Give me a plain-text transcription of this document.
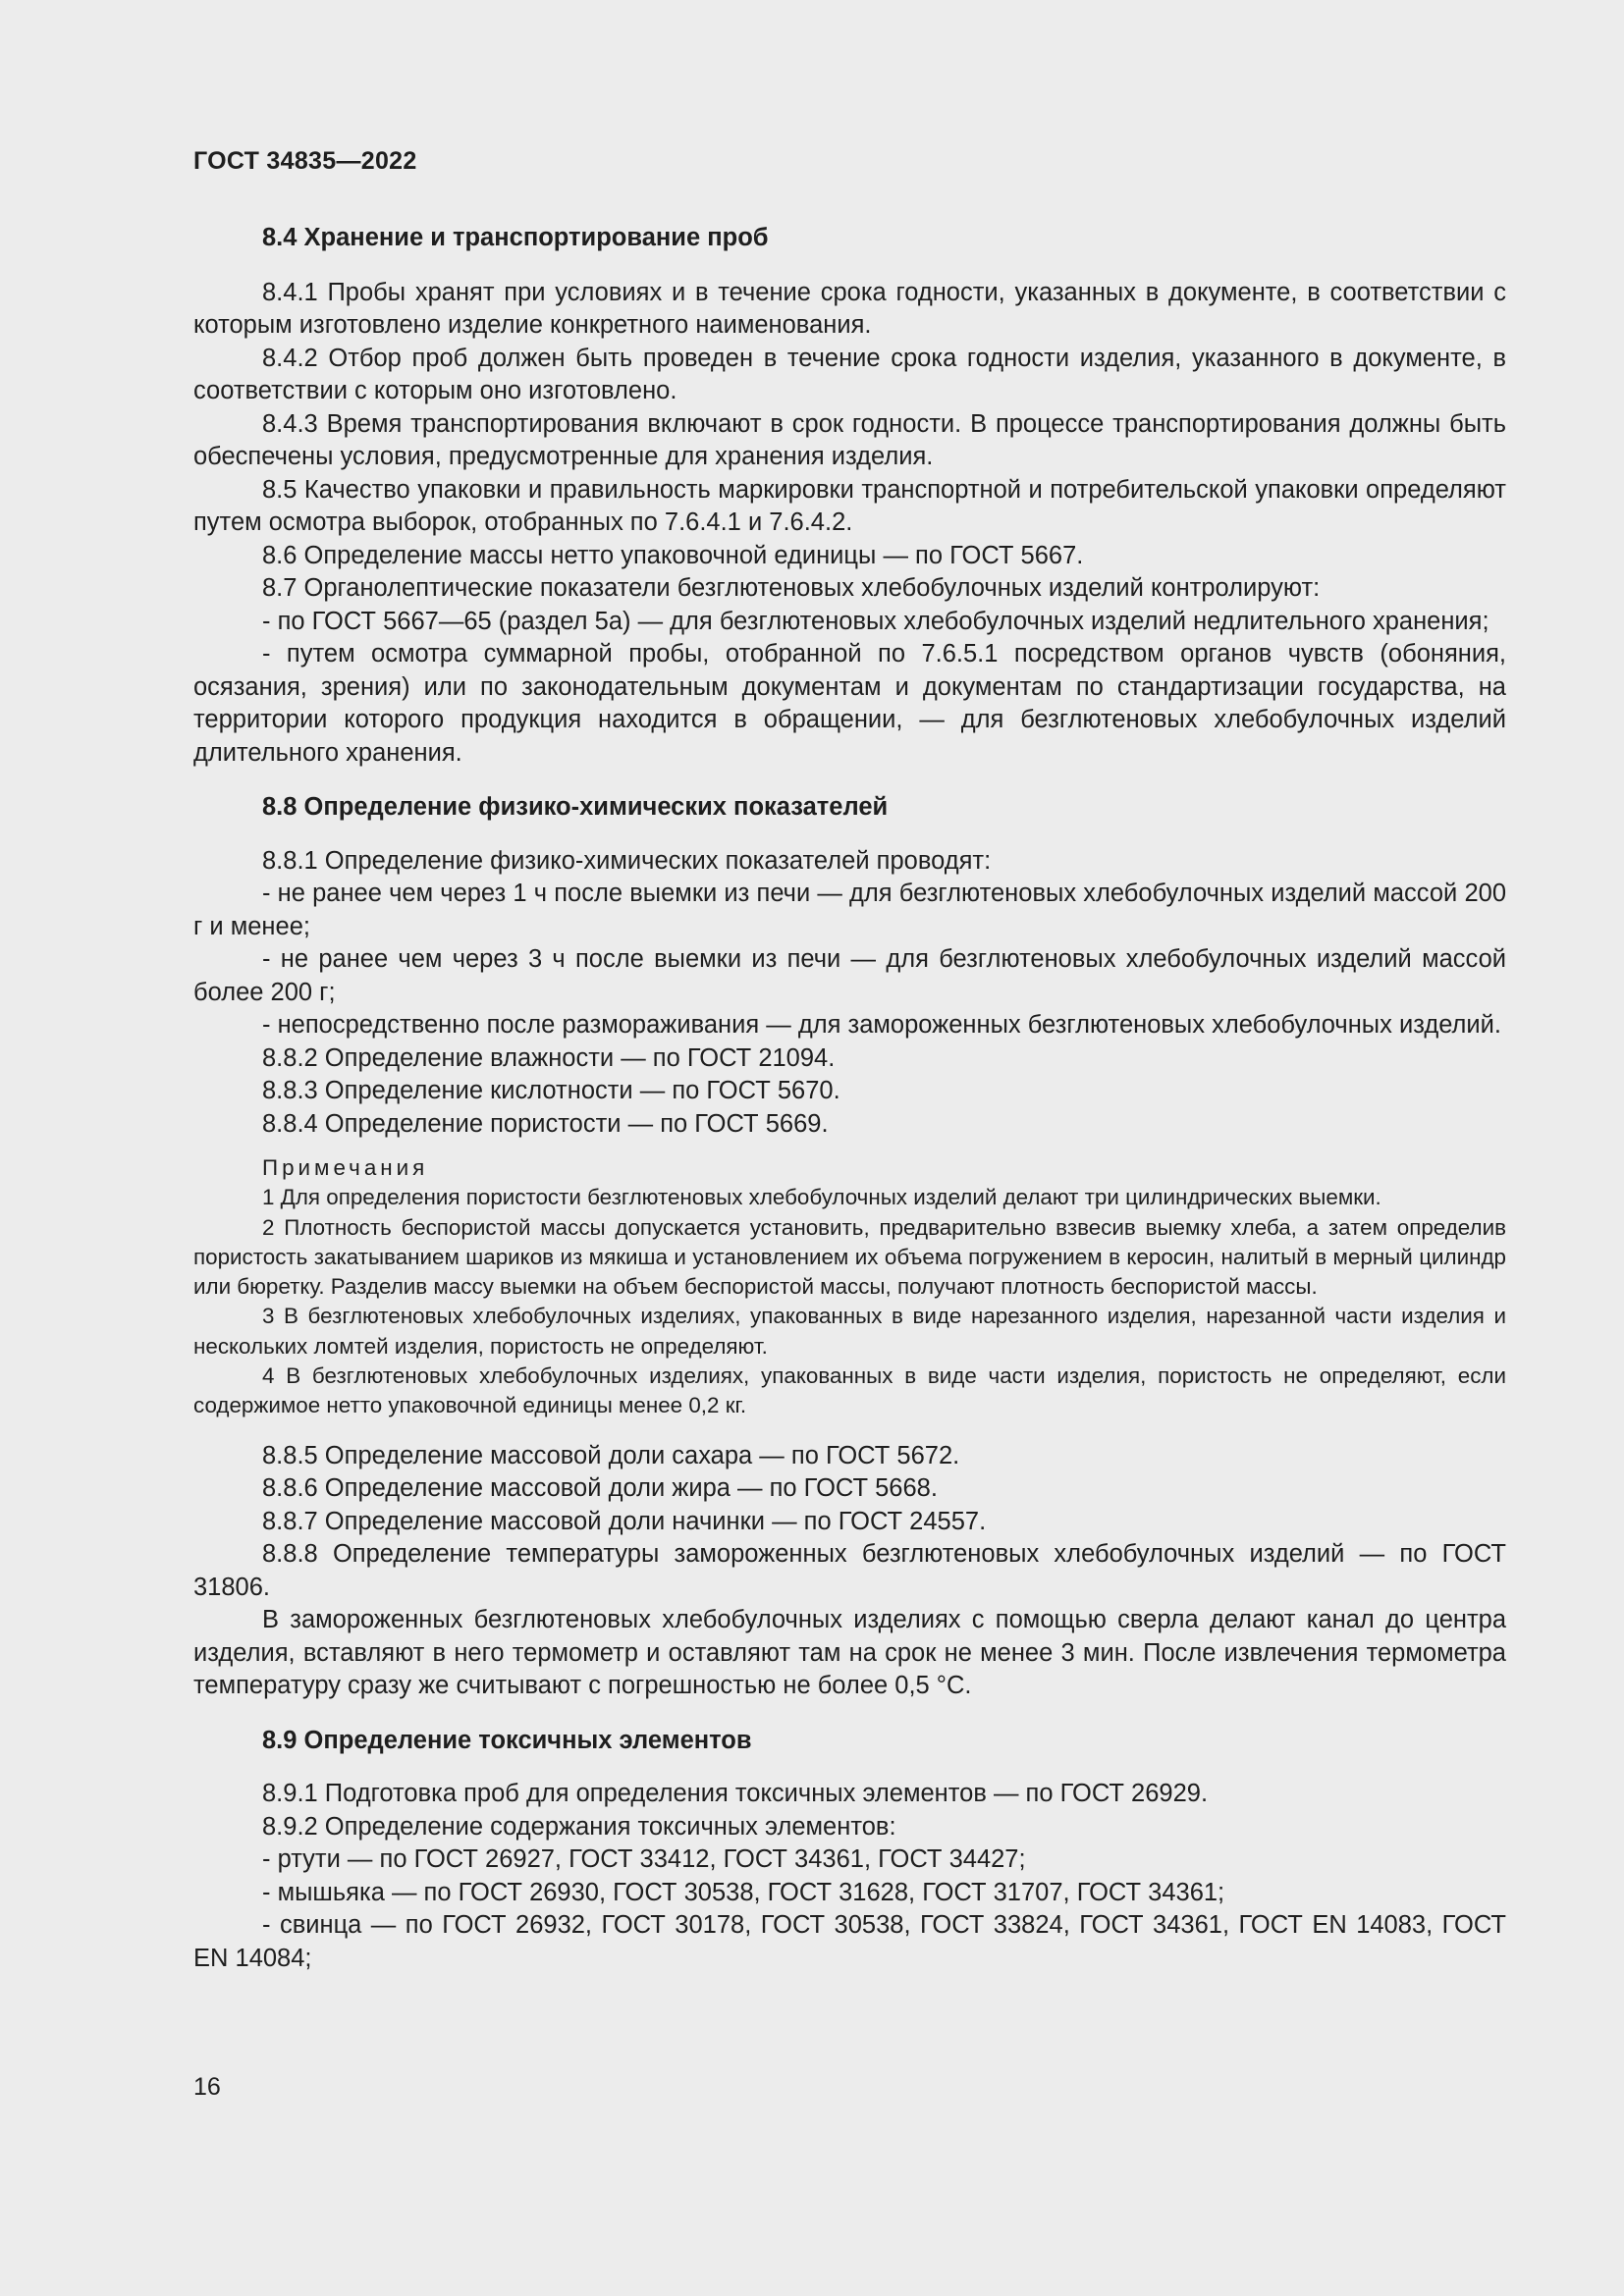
ГОСТ 34835—2022

8.4 Хранение и транспортирование проб

8.4.1 Пробы хранят при условиях и в течение срока годности, указанных в документе, в соответствии с которым изготовлено изделие конкретного наименования.

8.4.2 Отбор проб должен быть проведен в течение срока годности изделия, указанного в документе, в соответствии с которым оно изготовлено.

8.4.3 Время транспортирования включают в срок годности. В процессе транспортирования должны быть обеспечены условия, предусмотренные для хранения изделия.

8.5 Качество упаковки и правильность маркировки транспортной и потребительской упаковки определяют путем осмотра выборок, отобранных по 7.6.4.1 и 7.6.4.2.

8.6 Определение массы нетто упаковочной единицы — по ГОСТ 5667.

8.7 Органолептические показатели безглютеновых хлебобулочных изделий контролируют:

- по ГОСТ 5667—65 (раздел 5а) — для безглютеновых хлебобулочных изделий недлительного хранения;

- путем осмотра суммарной пробы, отобранной по 7.6.5.1 посредством органов чувств (обоняния, осязания, зрения) или по законодательным документам и документам по стандартизации государства, на территории которого продукция находится в обращении, — для безглютеновых хлебобулочных изделий длительного хранения.

8.8 Определение физико-химических показателей

8.8.1 Определение физико-химических показателей проводят:

- не ранее чем через 1 ч после выемки из печи — для безглютеновых хлебобулочных изделий массой 200 г и менее;

- не ранее чем через 3 ч после выемки из печи — для безглютеновых хлебобулочных изделий массой более 200 г;

- непосредственно после размораживания — для замороженных безглютеновых хлебобулочных изделий.

8.8.2 Определение влажности — по ГОСТ 21094.

8.8.3 Определение кислотности — по ГОСТ 5670.

8.8.4 Определение пористости — по ГОСТ 5669.

Примечания

1 Для определения пористости безглютеновых хлебобулочных изделий делают три цилиндрических выемки.

2 Плотность беспористой массы допускается установить, предварительно взвесив выемку хлеба, а затем определив пористость закатыванием шариков из мякиша и установлением их объема погружением в керосин, налитый в мерный цилиндр или бюретку. Разделив массу выемки на объем беспористой массы, получают плотность беспористой массы.

3 В безглютеновых хлебобулочных изделиях, упакованных в виде нарезанного изделия, нарезанной части изделия и нескольких ломтей изделия, пористость не определяют.

4 В безглютеновых хлебобулочных изделиях, упакованных в виде части изделия, пористость не определяют, если содержимое нетто упаковочной единицы менее 0,2 кг.

8.8.5 Определение массовой доли сахара — по ГОСТ 5672.

8.8.6 Определение массовой доли жира — по ГОСТ 5668.

8.8.7 Определение массовой доли начинки — по ГОСТ 24557.

8.8.8 Определение температуры замороженных безглютеновых хлебобулочных изделий — по ГОСТ 31806.

В замороженных безглютеновых хлебобулочных изделиях с помощью сверла делают канал до центра изделия, вставляют в него термометр и оставляют там на срок не менее 3 мин. После извлечения термометра температуру сразу же считывают с погрешностью не более 0,5 °С.

8.9 Определение токсичных элементов

8.9.1 Подготовка проб для определения токсичных элементов — по ГОСТ 26929.

8.9.2 Определение содержания токсичных элементов:

- ртути — по ГОСТ 26927, ГОСТ 33412, ГОСТ 34361, ГОСТ 34427;

- мышьяка — по ГОСТ 26930, ГОСТ 30538, ГОСТ 31628, ГОСТ 31707, ГОСТ 34361;

- свинца — по ГОСТ 26932, ГОСТ 30178, ГОСТ 30538, ГОСТ 33824, ГОСТ 34361, ГОСТ EN 14083, ГОСТ EN 14084;

16
